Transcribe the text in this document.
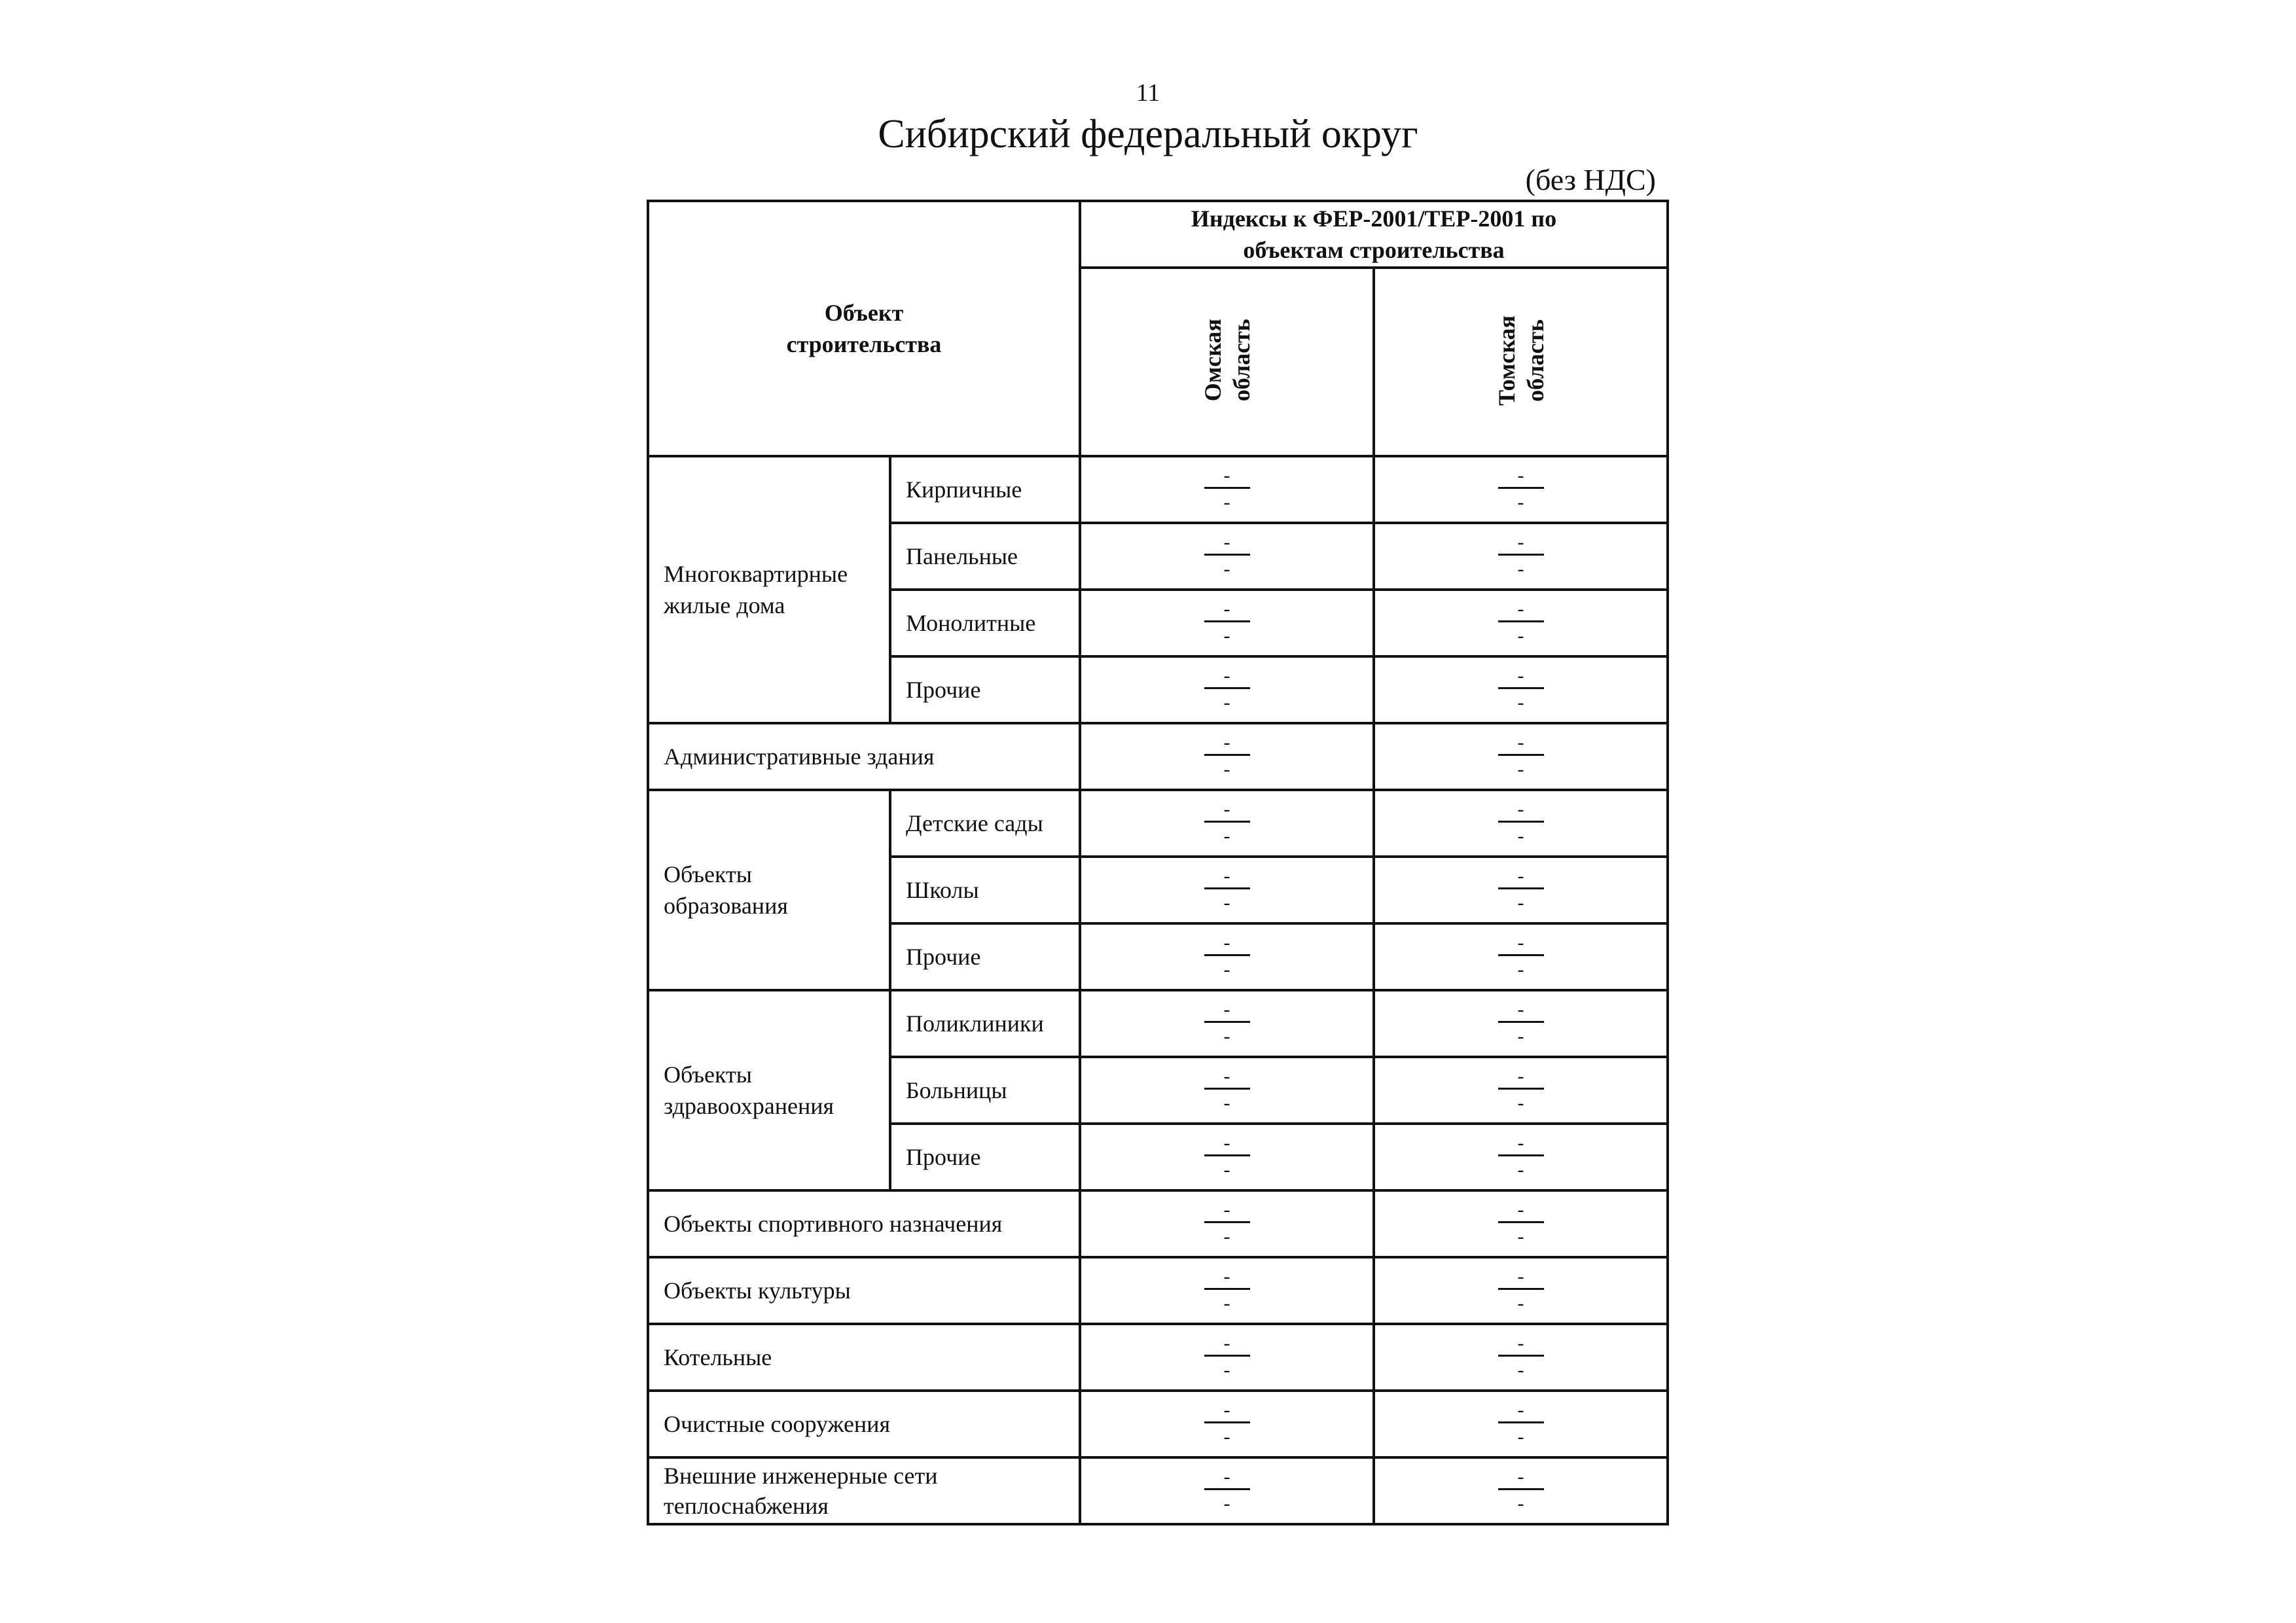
11
Сибирский федеральный округ
(без НДС)
Объект
строительства		Индексы к ФЕР-2001/ТЕР-2001 по
объектам строительства	
		Омская область	Томская область
Многоквартирные
жилые дома	Кирпичные	$\frac{-}{-}$	$\frac{-}{-}$

	Панельные	$\frac{-}{-}$	$\frac{-}{-}$

	Монолитные	$\frac{-}{-}$	$\frac{-}{-}$

	Прочие	$\frac{-}{-}$	$\frac{-}{-}$

Административные здания		$\frac{-}{-}$	$\frac{-}{-}$

Объекты
образования	Детские сады	$\frac{-}{-}$	$\frac{-}{-}$

	Школы	$\frac{-}{-}$	$\frac{-}{-}$

	Прочие	$\frac{-}{-}$	$\frac{-}{-}$

Объекты
здравоохранения	Поликлиники	$\frac{-}{-}$	$\frac{-}{-}$

	Больницы	$\frac{-}{-}$	$\frac{-}{-}$

	Прочие	$\frac{-}{-}$	$\frac{-}{-}$

Объекты спортивного назначения		$\frac{-}{-}$	$\frac{-}{-}$

Объекты культуры		$\frac{-}{-}$	$\frac{-}{-}$

Котельные		$\frac{-}{-}$	$\frac{-}{-}$

Очистные сооружения		$\frac{-}{-}$	$\frac{-}{-}$

Внешние инженерные сети
теплоснабжения		$\frac{-}{-}$	$\frac{-}{-}$
